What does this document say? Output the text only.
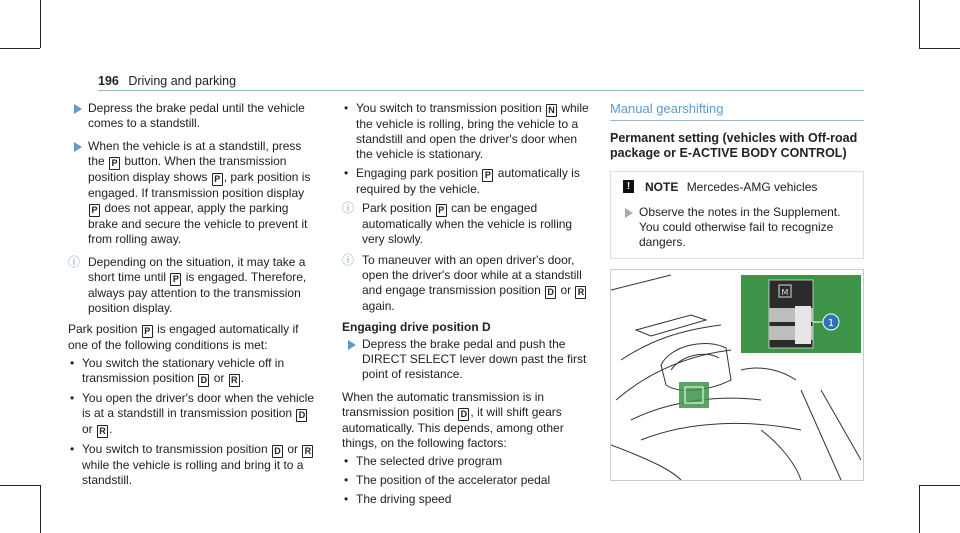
196 Driving and parking
Depress the brake pedal until the vehicle comes to a standstill.
When the vehicle is at a standstill, press the P button. When the transmission position display shows P , park position is engaged. If transmission position display P does not appear, apply the parking brake and secure the vehicle to prevent it from rolling away.
ⓘ Depending on the situation, it may take a short time until P is engaged. Therefore, always pay attention to the transmission position display.

Park position P is engaged automatically if one of the following conditions is met:

• You switch the stationary vehicle off in transmission position D or R .
• You open the driver's door when the vehicle is at a standstill in transmission position D or R .
• You switch to transmission position D or R while the vehicle is rolling and bring it to a standstill.
• You switch to transmission position N while the vehicle is rolling, bring the vehicle to a standstill and open the driver's door when the vehicle is stationary.
• Engaging park position P automatically is required by the vehicle.
ⓘ Park position P can be engaged automatically when the vehicle is rolling very slowly.
ⓘ To maneuver with an open driver's door, open the driver's door while at a standstill and engage transmission position D or R again.
Engaging drive position D
Depress the brake pedal and push the DIRECT SELECT lever down past the first point of resistance.

When the automatic transmission is in transmission position D , it will shift gears automatically. This depends, among other things, on the following factors:

• The selected drive program
• The position of the accelerator pedal
• The driving speed
Manual gearshifting
Permanent setting (vehicles with Off-road package or E-ACTIVE BODY CONTROL)
!	NOTE Mercedes-AMG vehicles
Observe the notes in the Supplement. You could otherwise fail to recognize dangers.
M
1
